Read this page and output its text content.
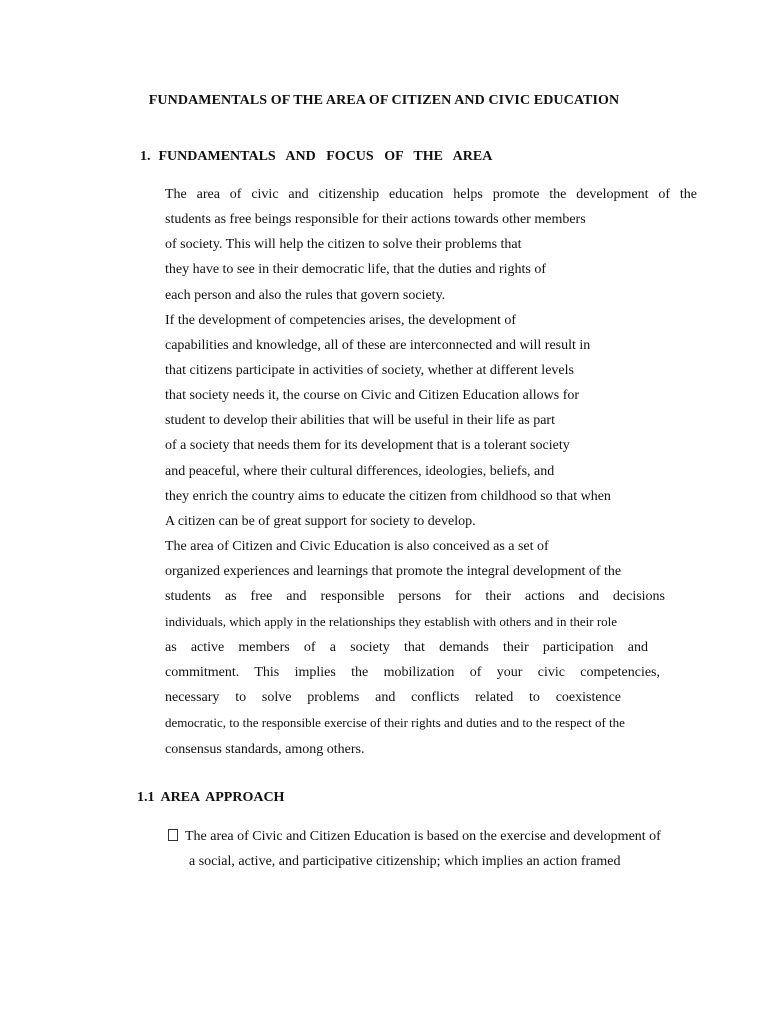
FUNDAMENTALS OF THE AREA OF CITIZEN AND CIVIC EDUCATION
1. FUNDAMENTALS AND FOCUS OF THE AREA
The area of civic and citizenship education helps promote the development of the
students as free beings responsible for their actions towards other members
of society. This will help the citizen to solve their problems that
they have to see in their democratic life, that the duties and rights of
each person and also the rules that govern society.
If the development of competencies arises, the development of
capabilities and knowledge, all of these are interconnected and will result in
that citizens participate in activities of society, whether at different levels
that society needs it, the course on Civic and Citizen Education allows for
student to develop their abilities that will be useful in their life as part
of a society that needs them for its development that is a tolerant society
and peaceful, where their cultural differences, ideologies, beliefs, and
they enrich the country aims to educate the citizen from childhood so that when
A citizen can be of great support for society to develop.
The area of Citizen and Civic Education is also conceived as a set of
organized experiences and learnings that promote the integral development of the
students as free and responsible persons for their actions and decisions
individuals, which apply in the relationships they establish with others and in their role
as active members of a society that demands their participation and
commitment. This implies the mobilization of your civic competencies,
necessary to solve problems and conflicts related to coexistence
democratic, to the responsible exercise of their rights and duties and to the respect of the
consensus standards, among others.
1.1 AREA APPROACH
The area of Civic and Citizen Education is based on the exercise and development of
a social, active, and participative citizenship; which implies an action framed
